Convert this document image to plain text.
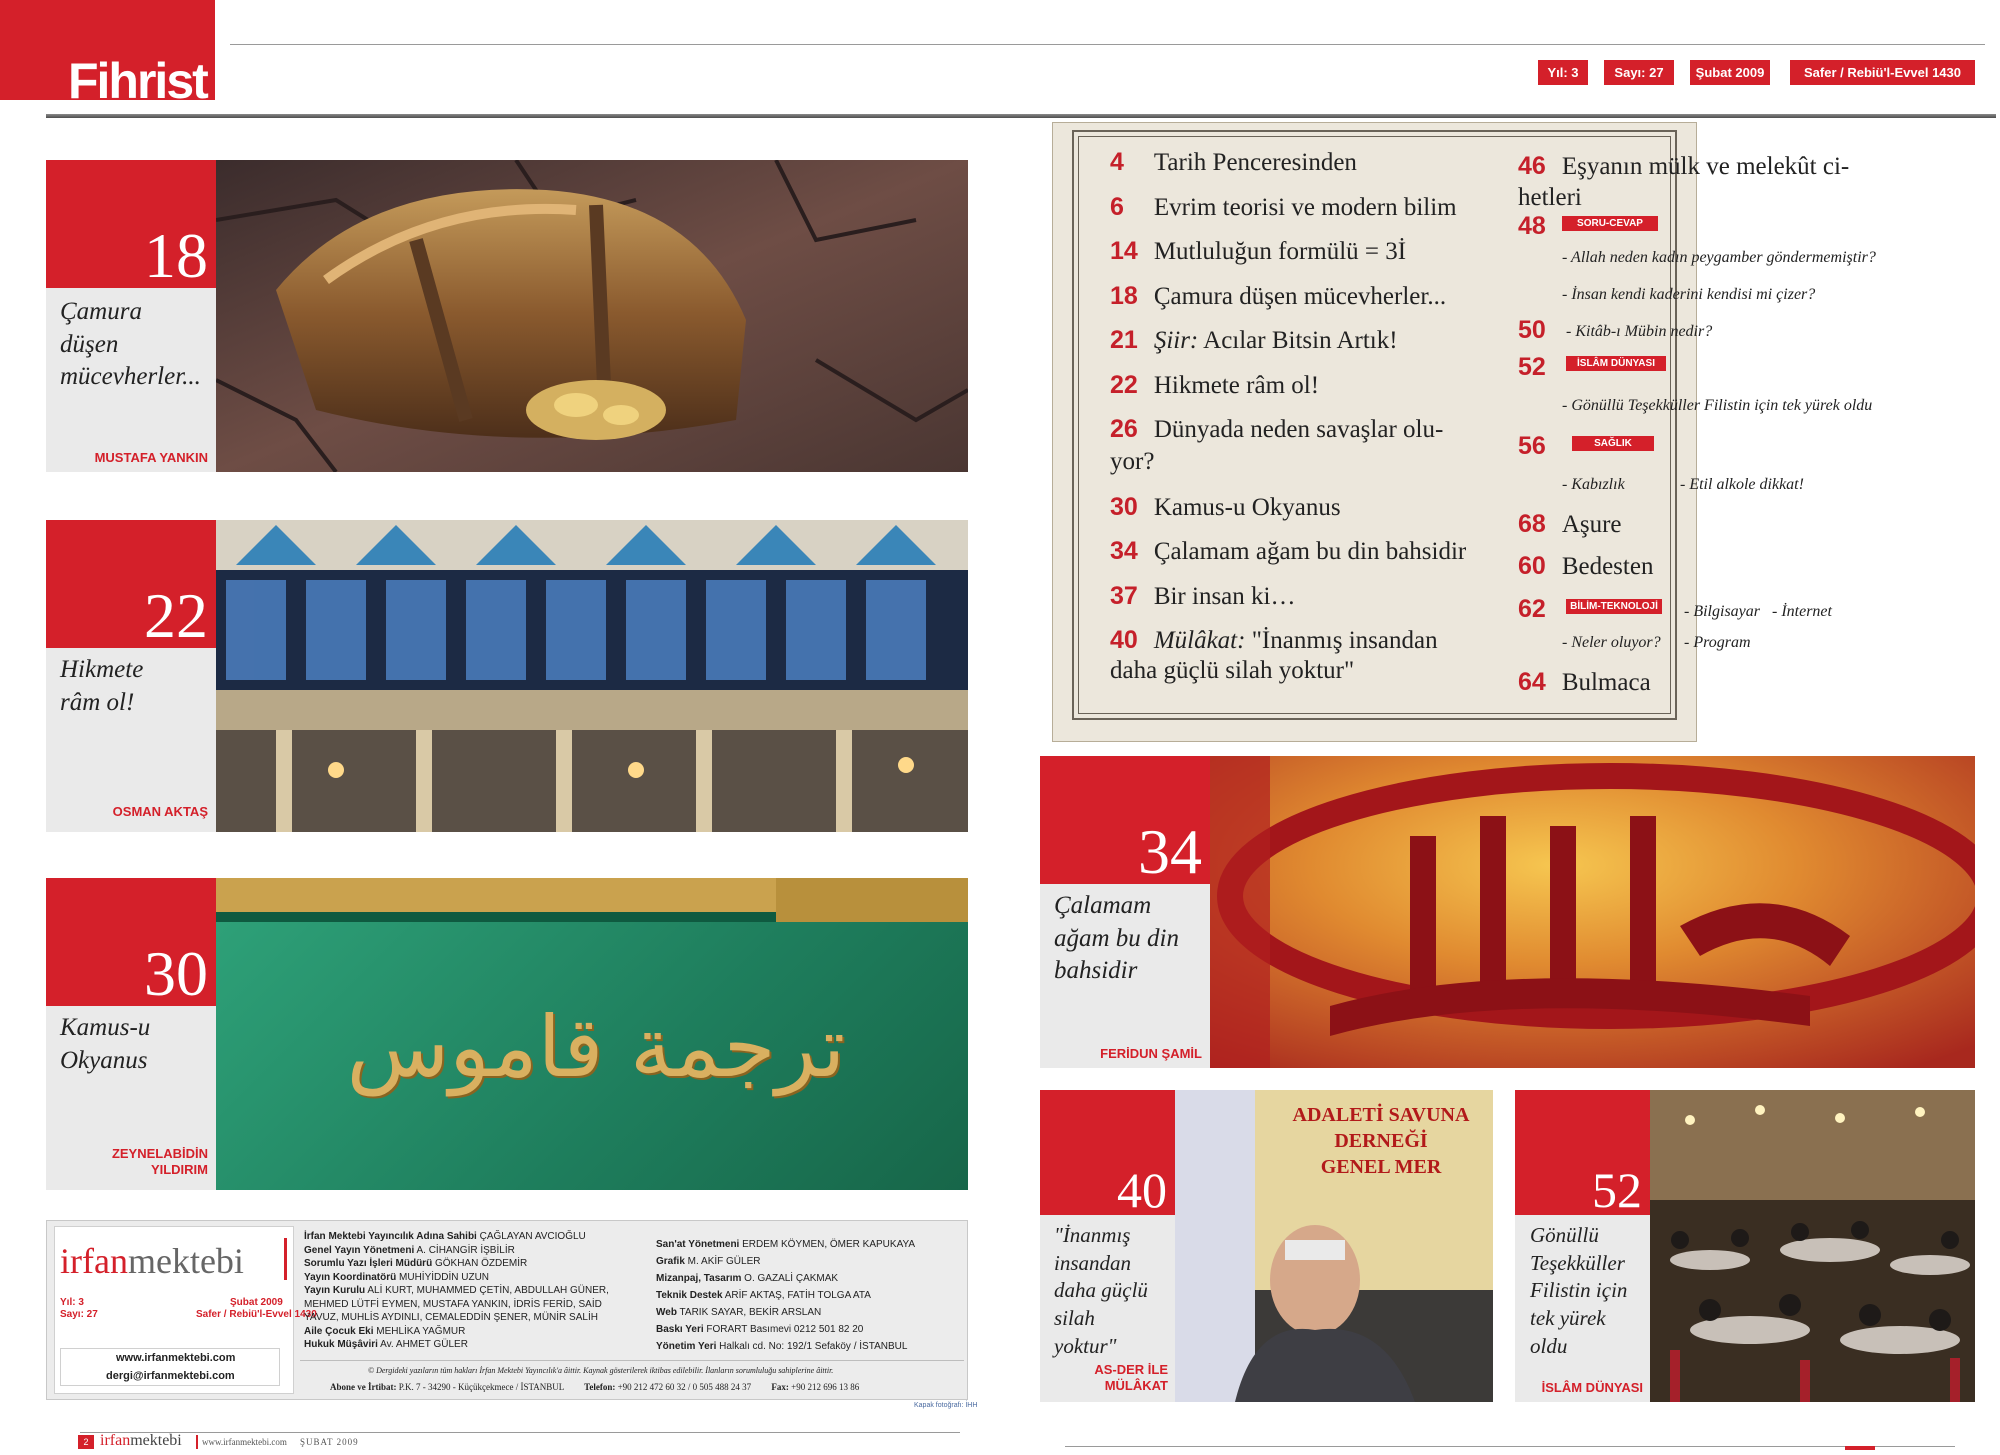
Fihrist	Yıl: 3	Sayı: 27	Şubat 2009	Safer / Rebiü'l-Evvel 1430
18
Çamura
düşen
mücevherler...
MUSTAFA YANKIN
22
Hikmete
râm ol!
OSMAN AKTAŞ
30
Kamus-u
Okyanus
ZEYNELABİDİN
YILDIRIM
ترجمة قاموس
4 Tarih Penceresinden
6 Evrim teorisi ve modern bilim
14 Mutluluğun formülü = 3İ
18 Çamura düşen mücevherler...
21 Şiir: Acılar Bitsin Artık!
22 Hikmete râm ol!
26 Dünyada neden savaşlar olu-
yor?
30 Kamus-u Okyanus
34 Çalamam ağam bu din bahsidir
37 Bir insan ki…
40 Mülâkat: "İnanmış insandan
daha güçlü silah yoktur"
46 Eşyanın mülk ve melekût ci-
hetleri
48	SORU-CEVAP
- Allah neden kadın peygamber göndermemiştir?
- İnsan kendi kaderini kendisi mi çizer?
50 - Kitâb-ı Mübin nedir?
52	İSLÂM DÜNYASI
- Gönüllü Teşekküller Filistin için tek yürek oldu
56	SAĞLIK
- Kabızlık	- Etil alkole dikkat!
68 Aşure
60 Bedesten
62	BİLİM-TEKNOLOJİ - Bilgisayar - İnternet
- Neler oluyor? - Program
64 Bulmaca
34
Çalamam
ağam bu din
bahsidir
FERİDUN ŞAMİL
40
"İnanmış
insandan
daha güçlü
silah
yoktur"
AS-DER İLE
MÜLÂKAT
ADALETİ SAVUNA
DERNEĞİ
GENEL MER	52
Gönüllü
Teşekküller
Filistin için
tek yürek
oldu
İSLÂM DÜNYASI
irfanmektebi
Yıl: 3
Sayı: 27
Şubat 2009
Safer / Rebiü'l-Evvel 1430
www.irfanmektebi.com
dergi@irfanmektebi.com
İrfan Mektebi Yayıncılık Adına Sahibi ÇAĞLAYAN AVCIOĞLU
Genel Yayın Yönetmeni A. CİHANGİR İŞBİLİR
Sorumlu Yazı İşleri Müdürü GÖKHAN ÖZDEMİR
Yayın Koordinatörü MUHİYİDDİN UZUN
Yayın Kurulu ALİ KURT, MUHAMMED ÇETİN, ABDULLAH GÜNER,
MEHMED LÜTFİ EYMEN, MUSTAFA YANKIN, İDRİS FERİD, SAİD
YAVUZ, MUHLİS AYDINLI, CEMALEDDİN ŞENER, MÜNİR SALİH
Aile Çocuk Eki MEHLİKA YAĞMUR
Hukuk Müşâviri Av. AHMET GÜLER
San'at Yönetmeni ERDEM KÖYMEN, ÖMER KAPUKAYA
Grafik M. AKİF GÜLER
Mizanpaj, Tasarım O. GAZALİ ÇAKMAK
Teknik Destek ARİF AKTAŞ, FATİH TOLGA ATA
Web TARIK SAYAR, BEKİR ARSLAN
Baskı Yeri FORART Basımevi 0212 501 82 20
Yönetim Yeri Halkalı cd. No: 192/1 Sefaköy / İSTANBUL
© Dergideki yazıların tüm hakları İrfan Mektebi Yayıncılık'a âittir. Kaynak gösterilerek iktibas edilebilir. İlanların sorumluluğu sahiplerine âittir.
Abone ve İrtibat: P.K. 7 - 34290 - Küçükçekmece / İSTANBUL Telefon: +90 212 472 60 32 / 0 505 488 24 37 Fax: +90 212 696 13 86
Kapak fotoğrafı: İHH
2 irfanmektebi www.irfanmektebi.com ŞUBAT 2009
